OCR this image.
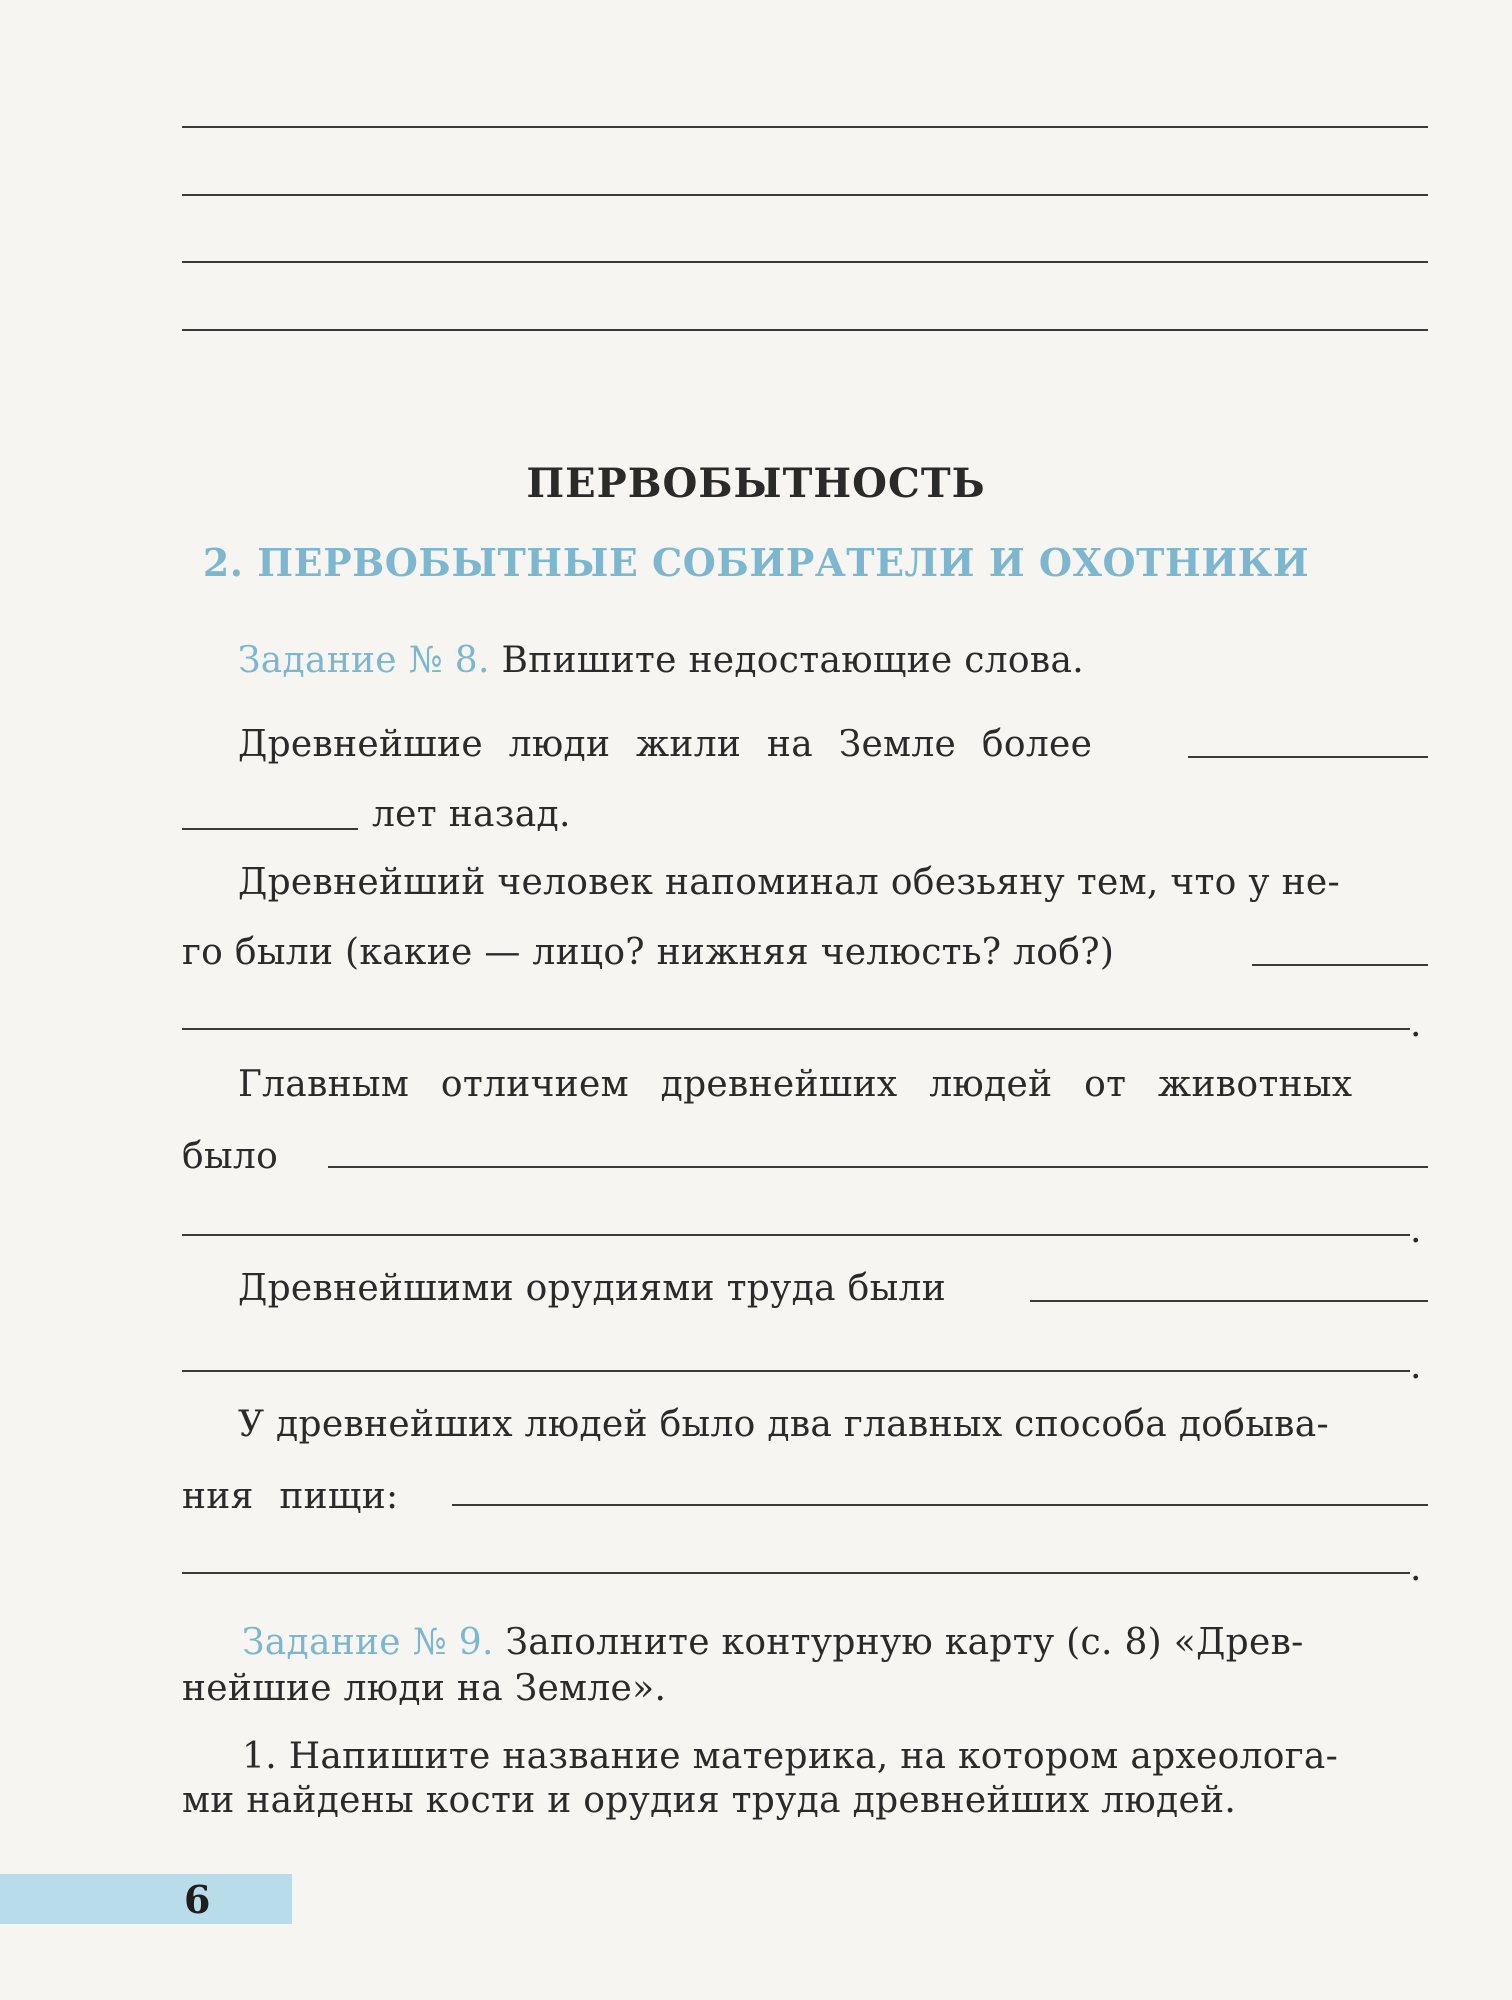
ПЕРВОБЫТНОСТЬ
2. ПЕРВОБЫТНЫЕ СОБИРАТЕЛИ И ОХОТНИКИ
Задание № 8. Впишите недостающие слова.
Древнейшие люди жили на Земле более
лет назад.
Древнейший человек напоминал обезьяну тем, что у не-
го были (какие — лицо? нижняя челюсть? лоб?)
.
Главным отличием древнейших людей от животных
было
.
Древнейшими орудиями труда были
.
У древнейших людей было два главных способа добыва-
ния пищи:
.
Задание № 9. Заполните контурную карту (с. 8) «Древ-
нейшие люди на Земле».
1. Напишите название материка, на котором археолога-
ми найдены кости и орудия труда древнейших людей.
6
